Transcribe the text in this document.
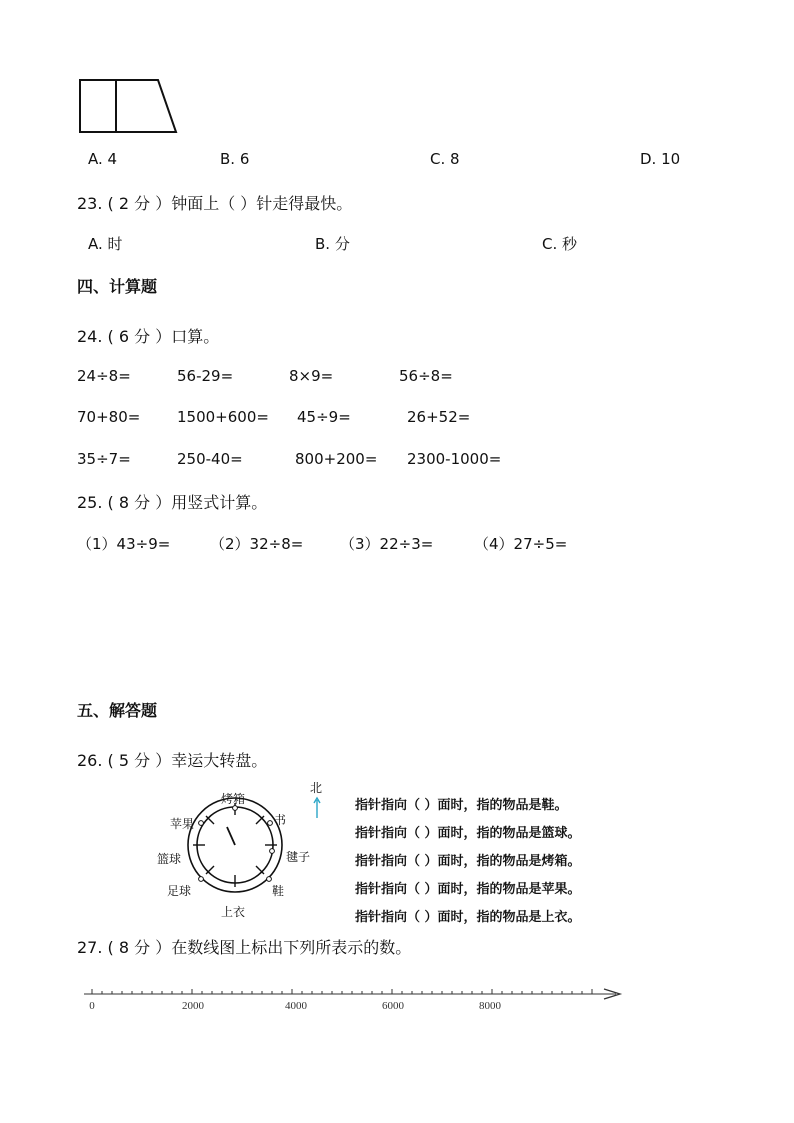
A. 4	B. 6	C. 8	D. 10
23. ( 2 分 ）钟面上（ ）针走得最快。
A. 时	B. 分	C. 秒
四、计算题
24. ( 6 分 ）口算。
24÷8=	56-29=	8×9=	56÷8=
70+80= 1500+600= 45÷9=	26+52=
35÷7=	250-40=	800+200= 2300-1000=
25. ( 8 分 ）用竖式计算。
（1）43÷9=	（2）32÷8= （3）22÷3=	（4）27÷5=
五、解答题
26. ( 5 分 ）幸运大转盘。
烤箱
书
毽子
鞋
上衣
足球
篮球
苹果
北
指针指向（ ）面时，指的物品是鞋。
指针指向（ ）面时，指的物品是篮球。
指针指向（ ）面时，指的物品是烤箱。
指针指向（ ）面时，指的物品是苹果。
指针指向（ ）面时，指的物品是上衣。
27. ( 8 分 ）在数线图上标出下列所表示的数。
0	2000	4000	6000	8000
